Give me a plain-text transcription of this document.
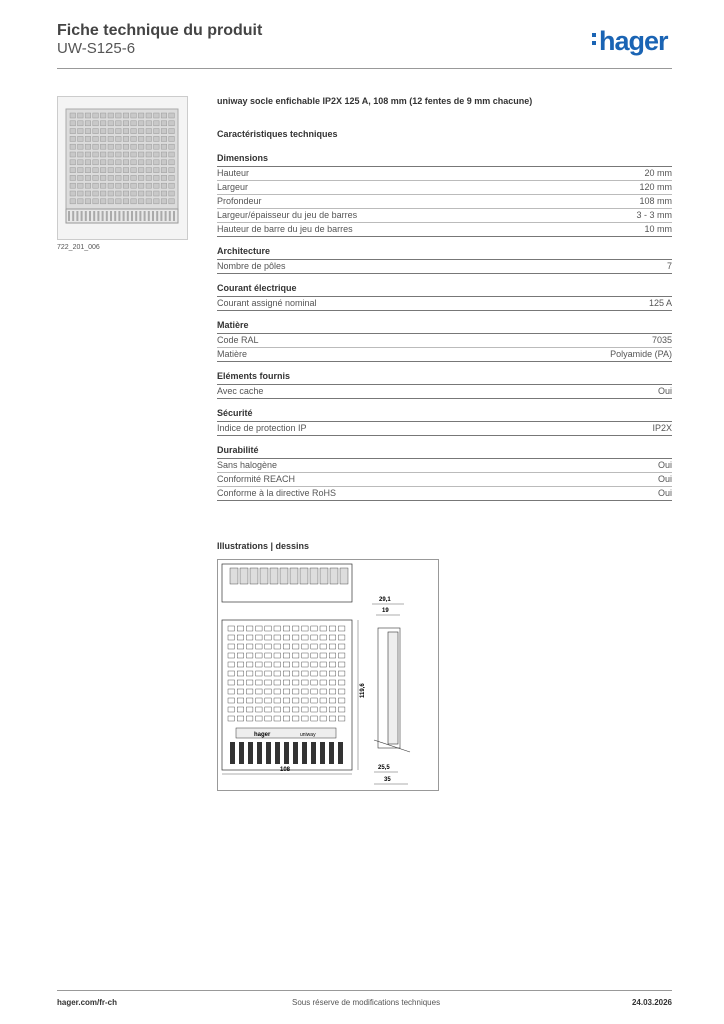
Fiche technique du produit
UW-S125-6	hager
722_201_006
uniway socle enfichable IP2X 125 A, 108 mm (12 fentes de 9 mm chacune)
Caractéristiques techniques
Dimensions
Hauteur	20 mm
Largeur	120 mm
Profondeur	108 mm
Largeur/épaisseur du jeu de barres	3 - 3 mm
Hauteur de barre du jeu de barres	10 mm
Architecture
Nombre de pôles	7
Courant électrique
Courant assigné nominal	125 A
Matière
Code RAL	7035
Matière	Polyamide (PA)
Eléments fournis
Avec cache	Oui
Sécurité
Indice de protection IP	IP2X
Durabilité
Sans halogène	Oui
Conformité REACH	Oui
Conforme à la directive RoHS	Oui
Illustrations | dessins
hager	uniway
108
119,6
29,1
19
25,5
35
hager.com/fr-ch	Sous réserve de modifications techniques	24.03.2026
